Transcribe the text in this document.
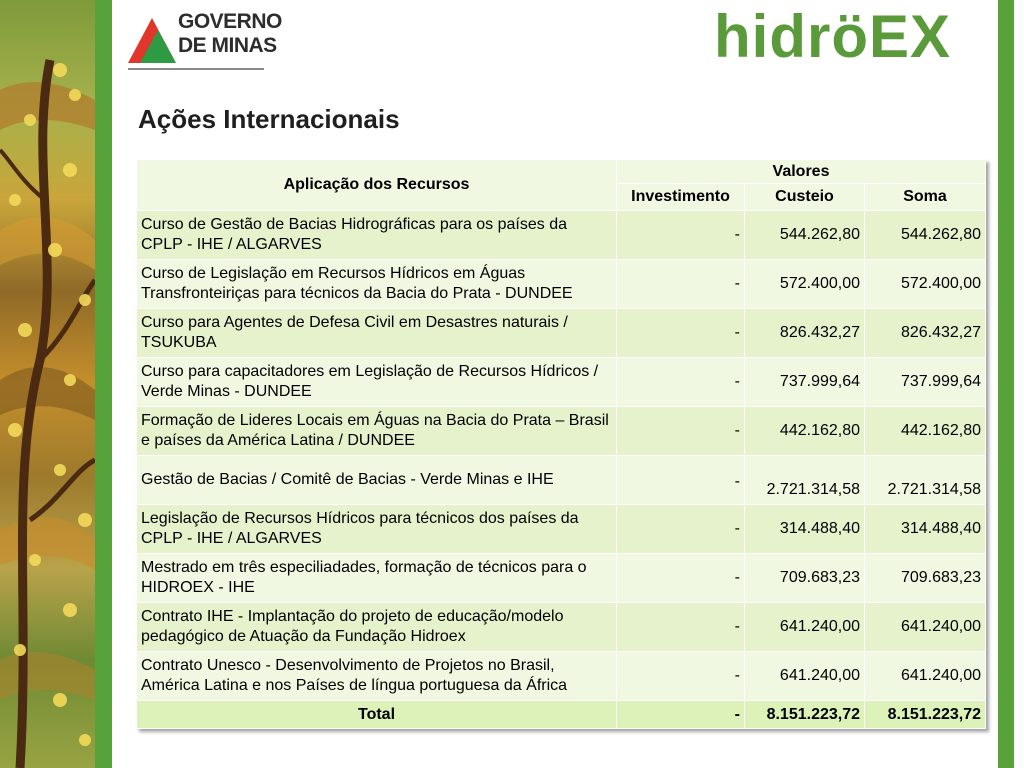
GOVERNO
DE MINAS	hidröEX
Ações Internacionais
Aplicação dos Recursos	Valores		
	Investimento	Custeio	Soma
Curso de Gestão de Bacias Hidrográficas para os países da CPLP - IHE / ALGARVES	-	544.262,80	544.262,80
Curso de Legislação em Recursos Hídricos em Águas Transfronteiriças para técnicos da Bacia do Prata - DUNDEE	-	572.400,00	572.400,00
Curso para Agentes de Defesa Civil em Desastres naturais / TSUKUBA	-	826.432,27	826.432,27
Curso para capacitadores em Legislação de Recursos Hídricos / Verde Minas - DUNDEE	-	737.999,64	737.999,64
Formação de Lideres Locais em Águas na Bacia do Prata – Brasil e países da América Latina / DUNDEE	-	442.162,80	442.162,80
Gestão de Bacias / Comitê de Bacias - Verde Minas e IHE	-	2.721.314,58	2.721.314,58
Legislação de Recursos Hídricos para técnicos dos países da CPLP - IHE / ALGARVES	-	314.488,40	314.488,40
Mestrado em três especiliadades, formação de técnicos para o HIDROEX - IHE	-	709.683,23	709.683,23
Contrato IHE - Implantação do projeto de educação/modelo pedagógico de Atuação da Fundação Hidroex	-	641.240,00	641.240,00
Contrato Unesco - Desenvolvimento de Projetos no Brasil, América Latina e nos Países de língua portuguesa da África	-	641.240,00	641.240,00
Total	-	8.151.223,72	8.151.223,72
